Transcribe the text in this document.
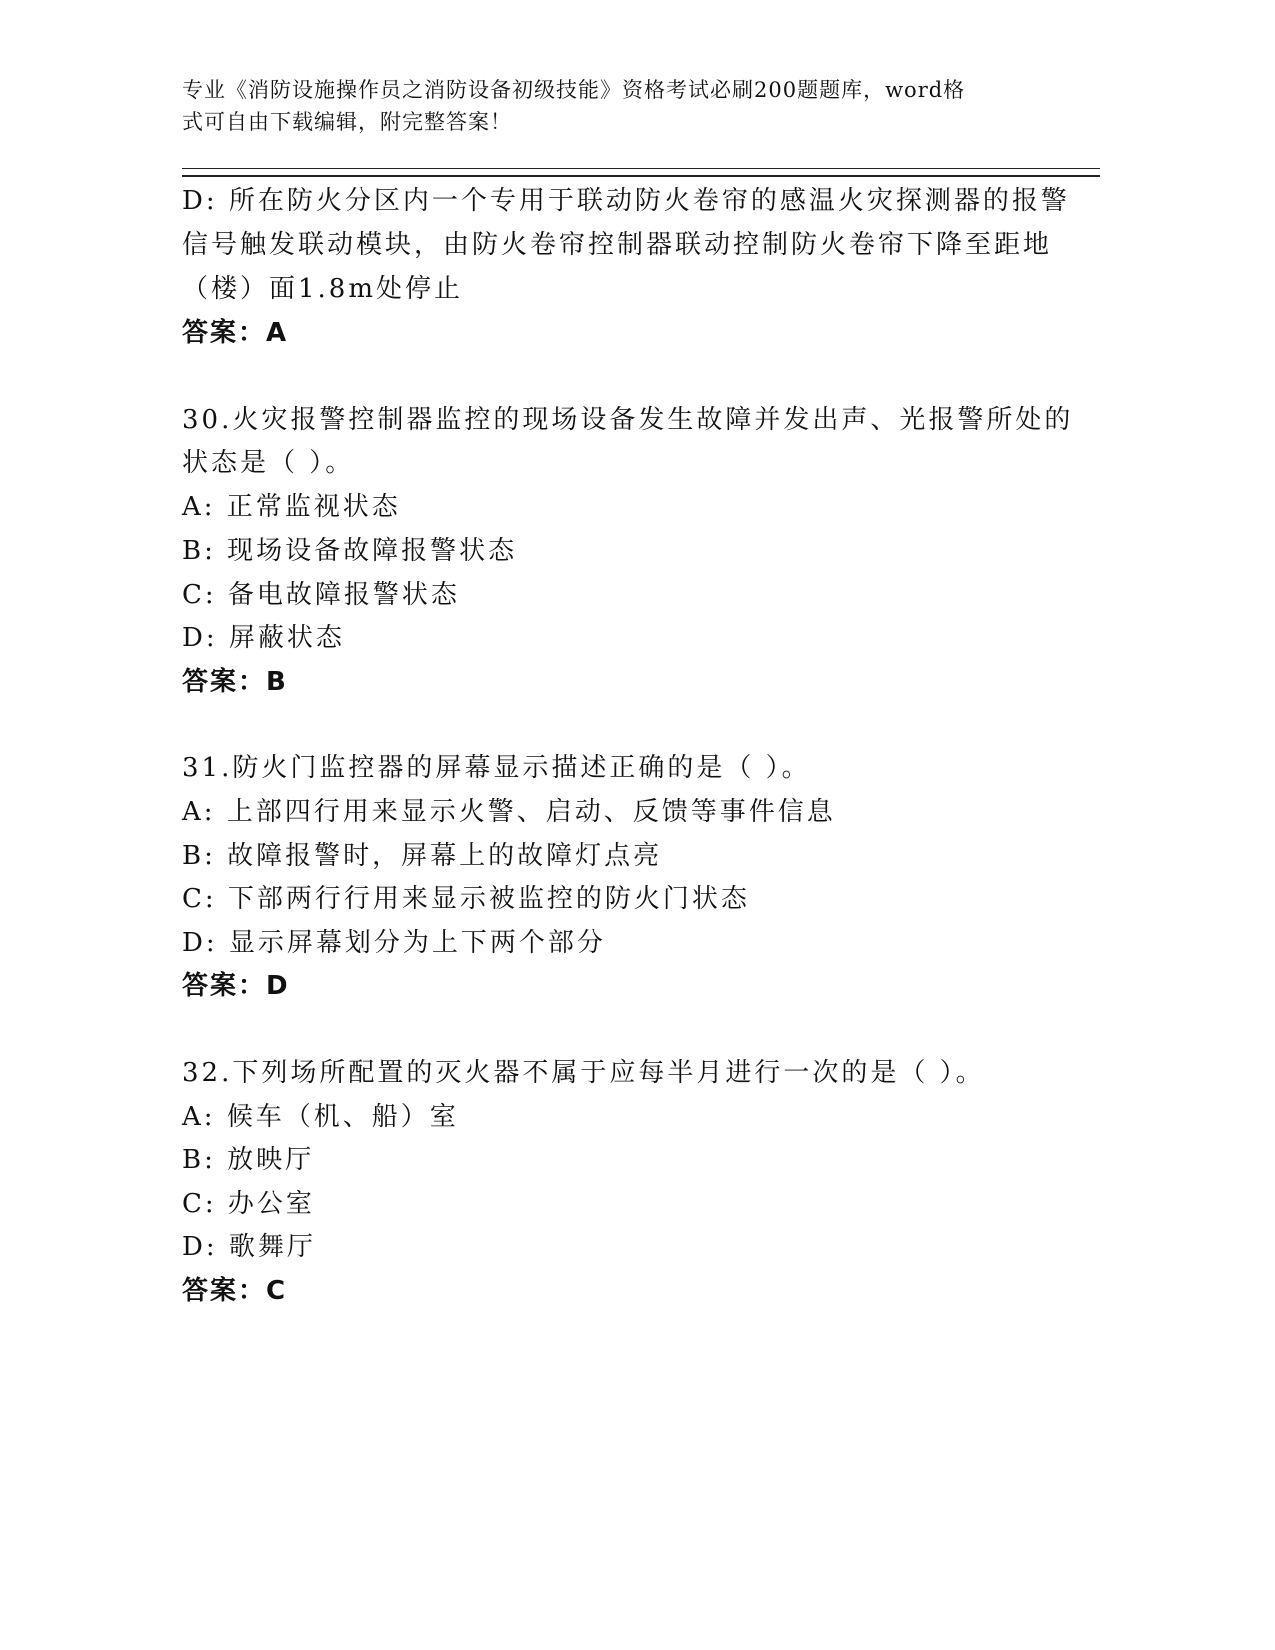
专业《消防设施操作员之消防设备初级技能》资格考试必刷200题题库，word格
式可自由下载编辑，附完整答案！
D: 所在防火分区内一个专用于联动防火卷帘的感温火灾探测器的报警
信号触发联动模块，由防火卷帘控制器联动控制防火卷帘下降至距地
（楼）面1.8m处停止
答案：A
30.火灾报警控制器监控的现场设备发生故障并发出声、光报警所处的
状态是（ ）。
A: 正常监视状态
B: 现场设备故障报警状态
C: 备电故障报警状态
D: 屏蔽状态
答案：B
31.防火门监控器的屏幕显示描述正确的是（ ）。
A: 上部四行用来显示火警、启动、反馈等事件信息
B: 故障报警时，屏幕上的故障灯点亮
C: 下部两行行用来显示被监控的防火门状态
D: 显示屏幕划分为上下两个部分
答案：D
32.下列场所配置的灭火器不属于应每半月进行一次的是（ ）。
A: 候车（机、船）室
B: 放映厅
C: 办公室
D: 歌舞厅
答案：C
